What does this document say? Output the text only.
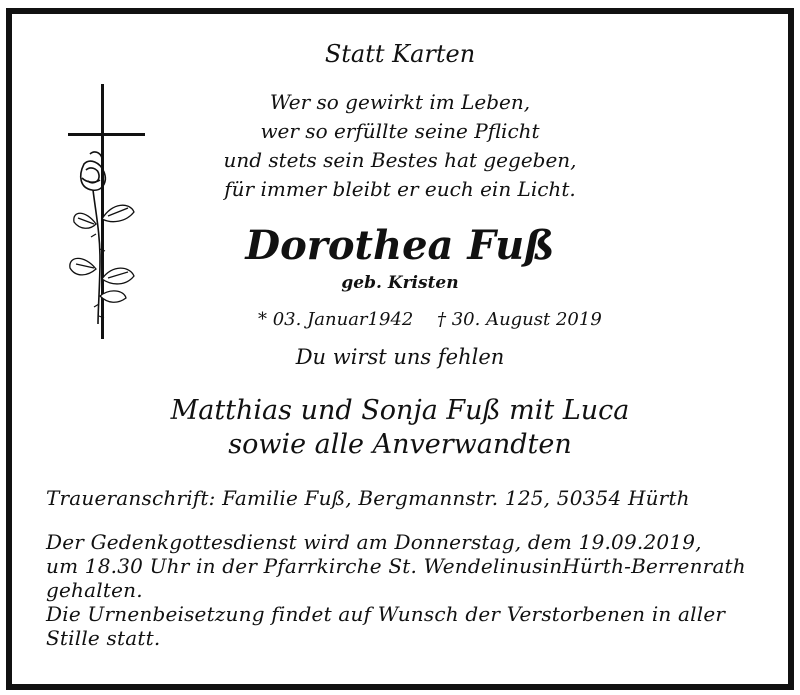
Statt Karten
Wer so gewirkt im Leben,
wer so erfüllte seine Pflicht
und stets sein Bestes hat gegeben,
für immer bleibt er euch ein Licht.
Dorothea Fuß
geb. Kristen
* 03. Januar1942 † 30. August 2019
Du wirst uns fehlen
Matthias und Sonja Fuß mit Luca
sowie alle Anverwandten
Traueranschrift: Familie Fuß, Bergmannstr. 125, 50354 Hürth
Der Gedenkgottesdienst wird am Donnerstag, dem 19.09.2019,
um 18.30 Uhr in der Pfarrkirche St. WendelinusinHürth-Berrenrath
gehalten.
Die Urnenbeisetzung findet auf Wunsch der Verstorbenen in aller
Stille statt.
